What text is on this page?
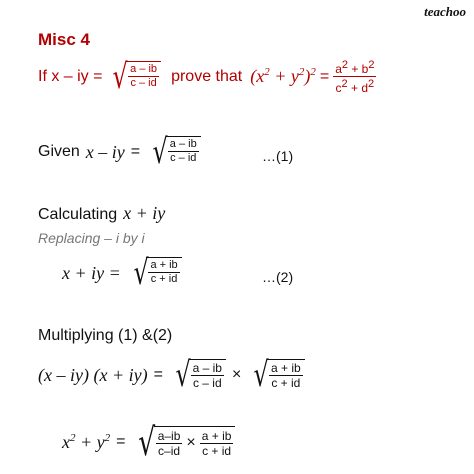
teachoo
Misc 4
If x – iy = √ $\frac{a - ib}{c - id}$ prove that $(x^2 + y^2)^2 = \frac{a^2 + b^2}{c^2 + d^2}$
Given x – iy = √ $\frac{a - ib}{c - id}$	…(1)
Calculating x + iy
Replacing – i by i
x + iy = √ $\frac{a + ib}{c + id}$	…(2)
Multiplying (1) &(2)
(x – iy) (x + iy) = √ $\frac{a - ib}{c - id}$ × √ $\frac{a + ib}{c + id}$
$x^2 + y^2$ = √ $\frac{a-ib}{c-id} \times \frac{a + ib}{c + id}$
